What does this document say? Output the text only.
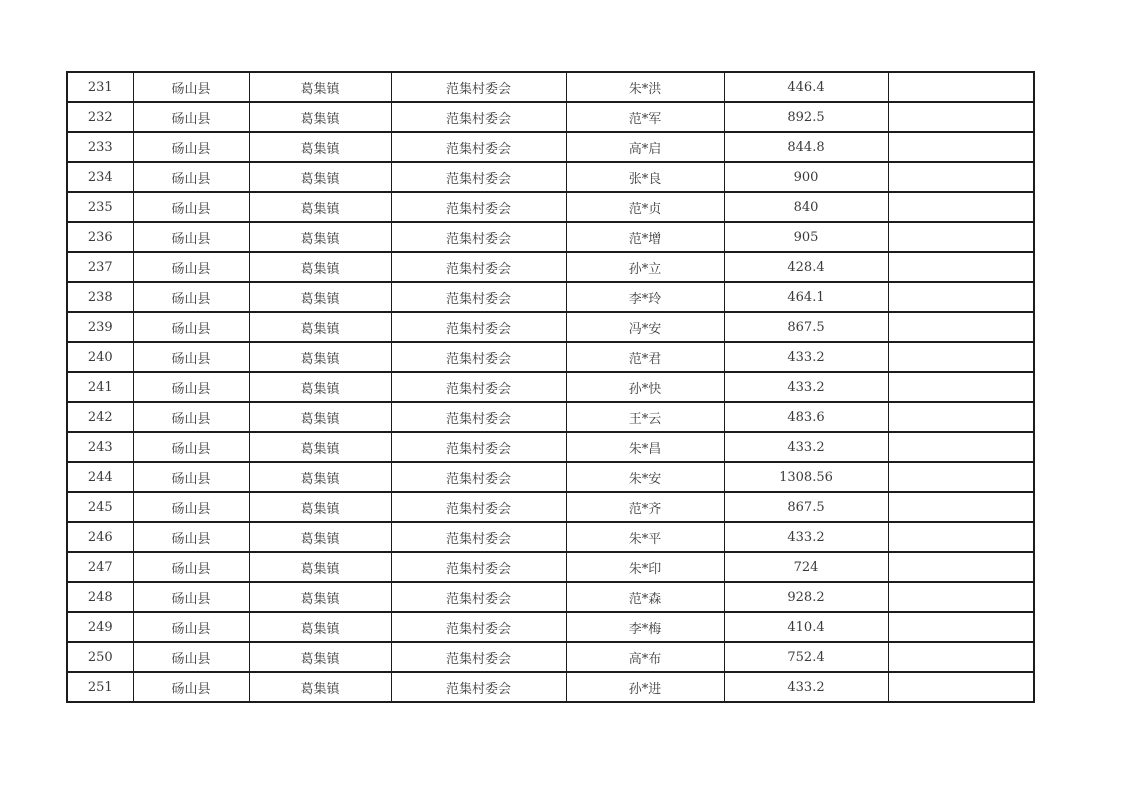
231	砀山县	葛集镇	范集村委会	朱*洪	446.4	
232	砀山县	葛集镇	范集村委会	范*军	892.5	
233	砀山县	葛集镇	范集村委会	高*启	844.8	
234	砀山县	葛集镇	范集村委会	张*良	900	
235	砀山县	葛集镇	范集村委会	范*贞	840	
236	砀山县	葛集镇	范集村委会	范*增	905	
237	砀山县	葛集镇	范集村委会	孙*立	428.4	
238	砀山县	葛集镇	范集村委会	李*玲	464.1	
239	砀山县	葛集镇	范集村委会	冯*安	867.5	
240	砀山县	葛集镇	范集村委会	范*君	433.2	
241	砀山县	葛集镇	范集村委会	孙*快	433.2	
242	砀山县	葛集镇	范集村委会	王*云	483.6	
243	砀山县	葛集镇	范集村委会	朱*昌	433.2	
244	砀山县	葛集镇	范集村委会	朱*安	1308.56	
245	砀山县	葛集镇	范集村委会	范*齐	867.5	
246	砀山县	葛集镇	范集村委会	朱*平	433.2	
247	砀山县	葛集镇	范集村委会	朱*印	724	
248	砀山县	葛集镇	范集村委会	范*森	928.2	
249	砀山县	葛集镇	范集村委会	李*梅	410.4	
250	砀山县	葛集镇	范集村委会	高*布	752.4	
251	砀山县	葛集镇	范集村委会	孙*进	433.2	
